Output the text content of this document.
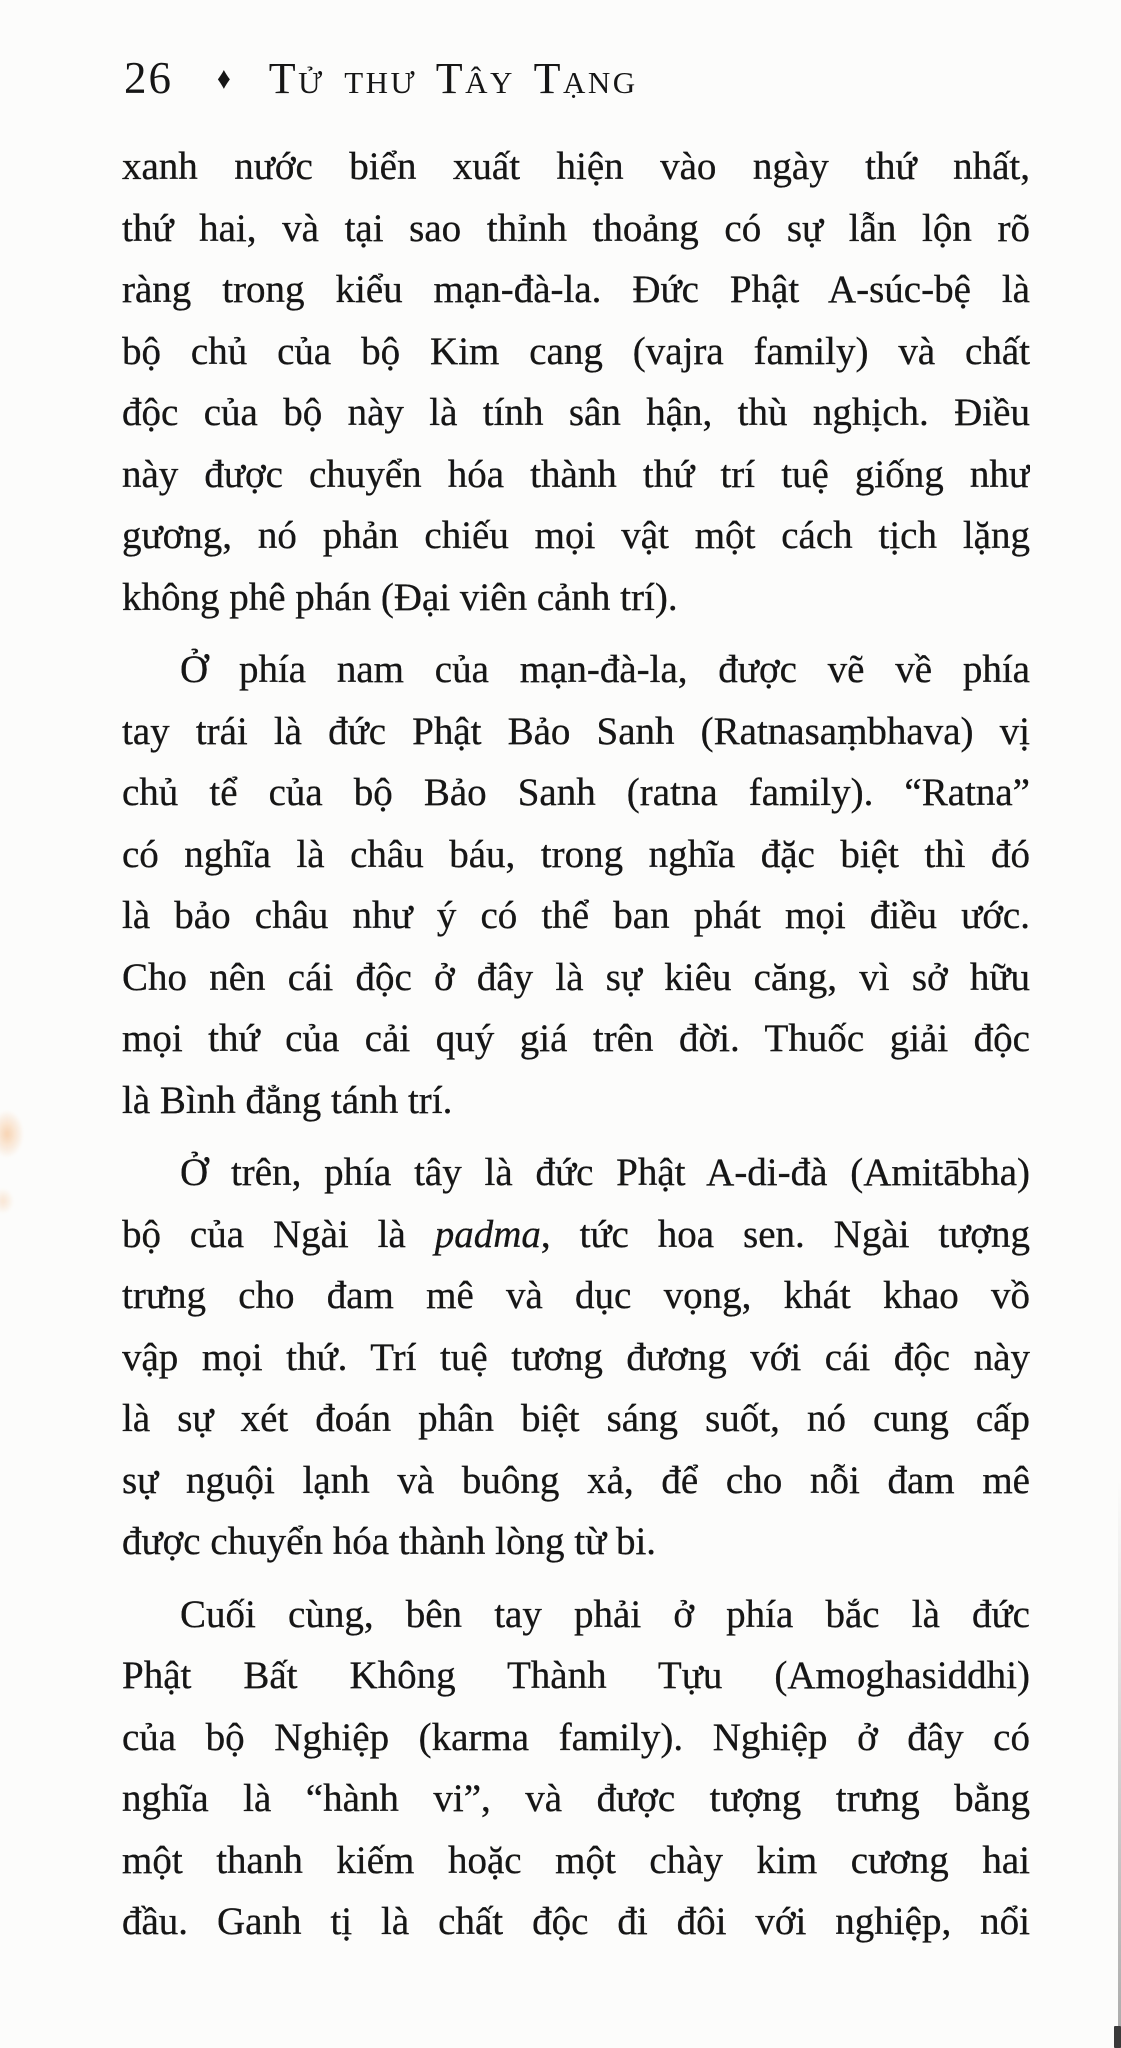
26 ♦ Tử thư Tây Tạng
xanh nước biển xuất hiện vào ngày thứ nhất,
thứ hai, và tại sao thỉnh thoảng có sự lẫn lộn rõ
ràng trong kiểu mạn-đà-la. Đức Phật A-súc-bệ là
bộ chủ của bộ Kim cang (vajra family) và chất
độc của bộ này là tính sân hận, thù nghịch. Điều
này được chuyển hóa thành thứ trí tuệ giống như
gương, nó phản chiếu mọi vật một cách tịch lặng
không phê phán (Đại viên cảnh trí).
Ở phía nam của mạn-đà-la, được vẽ về phía
tay trái là đức Phật Bảo Sanh (Ratnasaṃbhava) vị
chủ tể của bộ Bảo Sanh (ratna family). “Ratna”
có nghĩa là châu báu, trong nghĩa đặc biệt thì đó
là bảo châu như ý có thể ban phát mọi điều ước.
Cho nên cái độc ở đây là sự kiêu căng, vì sở hữu
mọi thứ của cải quý giá trên đời. Thuốc giải độc
là Bình đẳng tánh trí.
Ở trên, phía tây là đức Phật A-di-đà (Amitābha)
bộ của Ngài là padma, tức hoa sen. Ngài tượng
trưng cho đam mê và dục vọng, khát khao vồ
vập mọi thứ. Trí tuệ tương đương với cái độc này
là sự xét đoán phân biệt sáng suốt, nó cung cấp
sự nguội lạnh và buông xả, để cho nỗi đam mê
được chuyển hóa thành lòng từ bi.
Cuối cùng, bên tay phải ở phía bắc là đức
Phật Bất Không Thành Tựu (Amoghasiddhi)
của bộ Nghiệp (karma family). Nghiệp ở đây có
nghĩa là “hành vi”, và được tượng trưng bằng
một thanh kiếm hoặc một chày kim cương hai
đầu. Ganh tị là chất độc đi đôi với nghiệp, nổi
